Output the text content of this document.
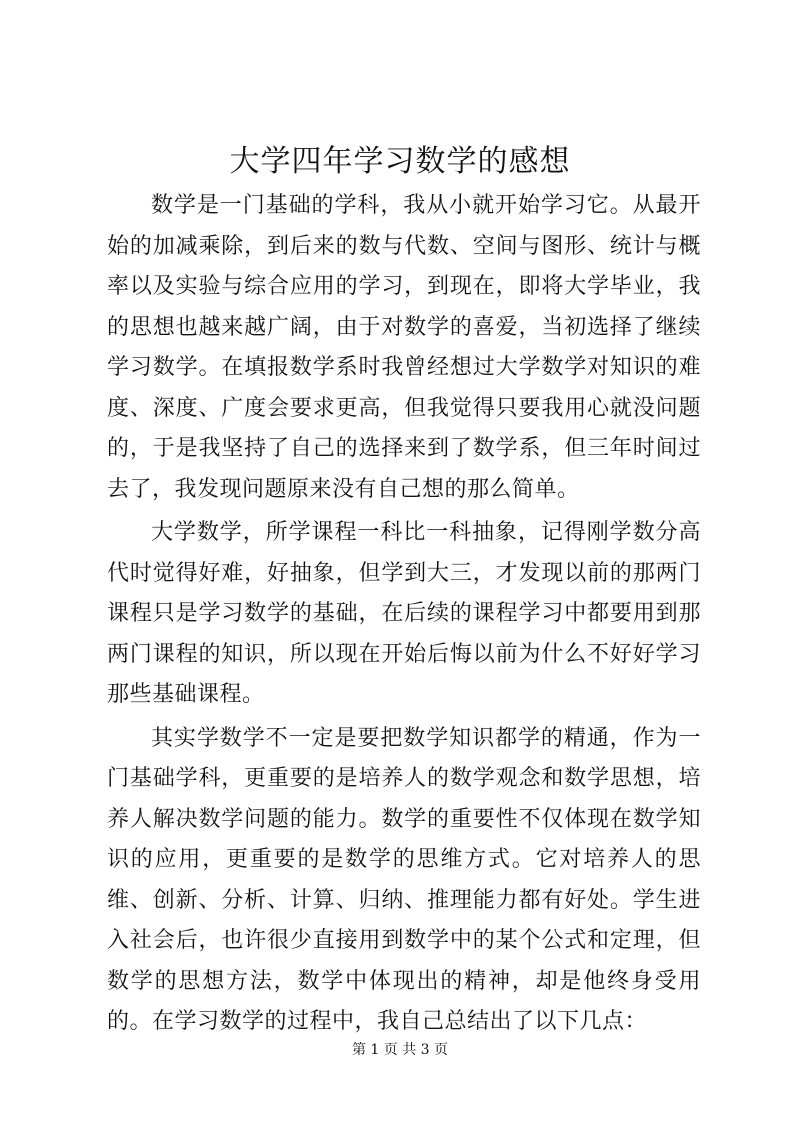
大学四年学习数学的感想

数学是一门基础的学科，我从小就开始学习它。从最开始的加减乘除，到后来的数与代数、空间与图形、统计与概率以及实验与综合应用的学习，到现在，即将大学毕业，我的思想也越来越广阔，由于对数学的喜爱，当初选择了继续学习数学。在填报数学系时我曾经想过大学数学对知识的难度、深度、广度会要求更高，但我觉得只要我用心就没问题的，于是我坚持了自己的选择来到了数学系，但三年时间过去了，我发现问题原来没有自己想的那么简单。

大学数学，所学课程一科比一科抽象，记得刚学数分高代时觉得好难，好抽象，但学到大三，才发现以前的那两门课程只是学习数学的基础，在后续的课程学习中都要用到那两门课程的知识，所以现在开始后悔以前为什么不好好学习那些基础课程。

其实学数学不一定是要把数学知识都学的精通，作为一门基础学科，更重要的是培养人的数学观念和数学思想，培养人解决数学问题的能力。数学的重要性不仅体现在数学知识的应用，更重要的是数学的思维方式。它对培养人的思维、创新、分析、计算、归纳、推理能力都有好处。学生进入社会后，也许很少直接用到数学中的某个公式和定理，但数学的思想方法，数学中体现出的精神，却是他终身受用的。在学习数学的过程中，我自己总结出了以下几点：

第 1 页 共 3 页
